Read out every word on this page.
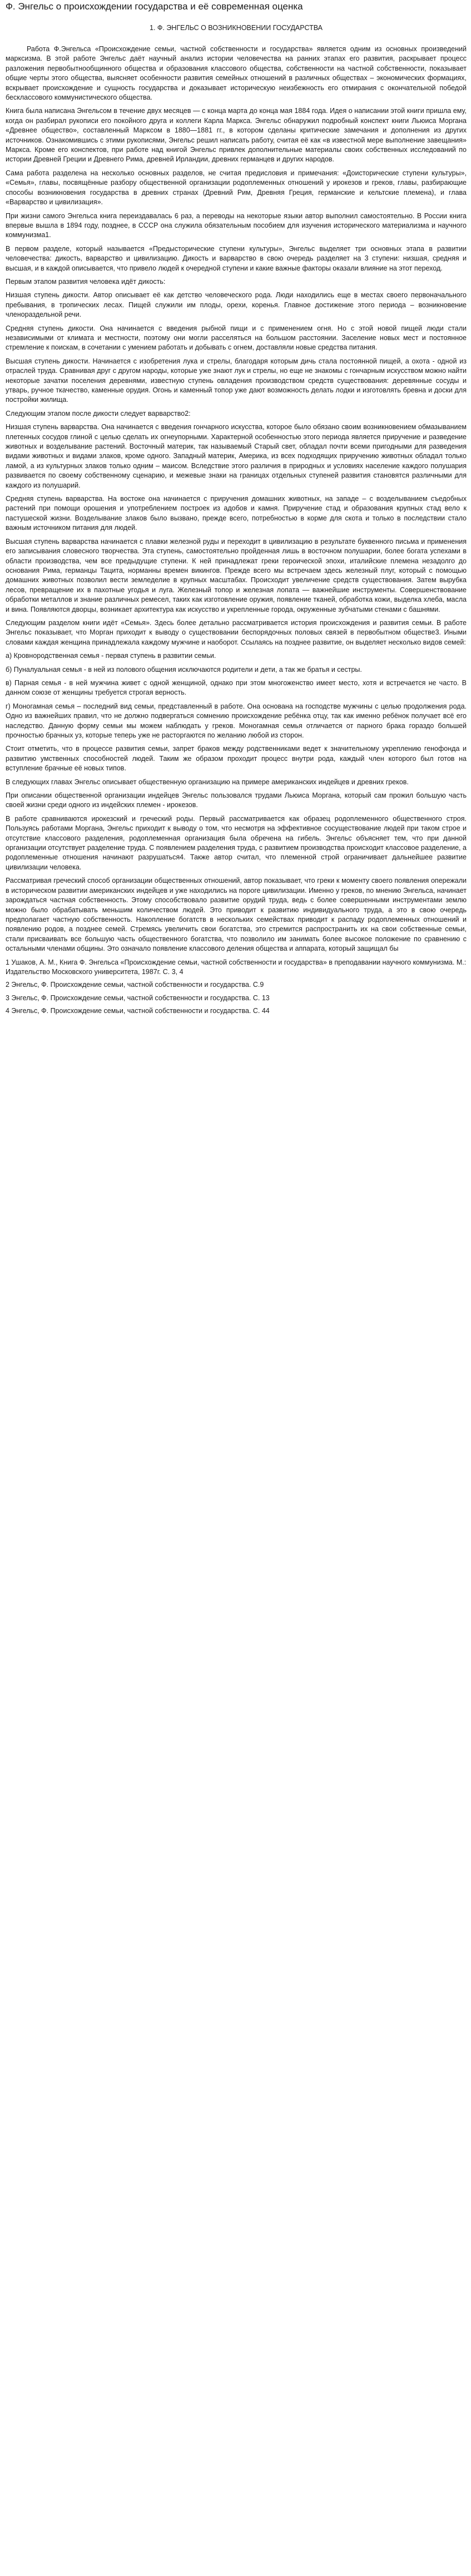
Ф. Энгельс о происхождении государства и её современная оценка
1. Ф. ЭНГЕЛЬС О ВОЗНИКНОВЕНИИ ГОСУДАРСТВА

Работа Ф.Энгельса «Происхождение семьи, частной собственности и государства» является одним из основных произведений марксизма. В этой работе Энгельс даёт научный анализ истории человечества на ранних этапах его развития, раскрывает процесс разложения первобытнообщинного общества и образования классового общества, собственности на частной собственности, показывает общие черты этого общества, выясняет особенности развития семейных отношений в различных обществах – экономических формациях, вскрывает происхождение и сущность государства и доказывает историческую неизбежность его отмирания с окончательной победой бесклассового коммунистического общества.

Книга была написана Энгельсом в течение двух месяцев — с конца марта до конца мая 1884 года. Идея о написании этой книги пришла ему, когда он разбирал рукописи его покойного друга и коллеги Карла Маркса. Энгельс обнаружил подробный конспект книги Льюиса Моргана «Древнее общество», составленный Марксом в 1880—1881 гг., в котором сделаны критические замечания и дополнения из других источников. Ознакомившись с этими рукописями, Энгельс решил написать работу, считая её как «в известной мере выполнение завещания» Маркса. Кроме его конспектов, при работе над книгой Энгельс привлек дополнительные материалы своих собственных исследований по истории Древней Греции и Древнего Рима, древней Ирландии, древних германцев и других народов.

Сама работа разделена на несколько основных разделов, не считая предисловия и примечания: «Доисторические ступени культуры», «Семья», главы, посвящённые разбору общественной организации родоплеменных отношений у ирокезов и греков, главы, разбирающие способы возникновения государства в древних странах (Древний Рим, Древняя Греция, германские и кельтские племена), и глава «Варварство и цивилизация».

При жизни самого Энгельса книга переиздавалась 6 раз, а переводы на некоторые языки автор выполнил самостоятельно. В России книга впервые вышла в 1894 году, позднее, в СССР она служила обязательным пособием для изучения исторического материализма и научного коммунизма1.

В первом разделе, который называется «Предысторические ступени культуры», Энгельс выделяет три основных этапа в развитии человечества: дикость, варварство и цивилизацию. Дикость и варварство в свою очередь разделяет на 3 ступени: низшая, средняя и высшая, и в каждой описывается, что привело людей к очередной ступени и какие важные факторы оказали влияние на этот переход.

Первым этапом развития человека идёт дикость:

Низшая ступень дикости. Автор описывает её как детство человеческого рода. Люди находились еще в местах своего первоначального пребывания, в тропических лесах. Пищей служили им плоды, орехи, коренья. Главное достижение этого периода – возникновение членораздельной речи.

Средняя ступень дикости. Она начинается с введения рыбной пищи и с применением огня. Но с этой новой пищей люди стали независимыми от климата и местности, поэтому они могли расселяться на большом расстоянии. Заселение новых мест и постоянное стремление к поискам, в сочетании с умением работать и добывать с огнем, доставляли новые средства питания.

Высшая ступень дикости. Начинается с изобретения лука и стрелы, благодаря которым дичь стала постоянной пищей, а охота - одной из отраслей труда. Сравнивая друг с другом народы, которые уже знают лук и стрелы, но еще не знакомы с гончарным искусством можно найти некоторые зачатки поселения деревнями, известную ступень овладения производством средств существования: деревянные сосуды и утварь, ручное ткачество, каменные орудия. Огонь и каменный топор уже дают возможность делать лодки и изготовлять бревна и доски для постройки жилища.

Следующим этапом после дикости следует варварство2:

Низшая ступень варварства. Она начинается с введения гончарного искусства, которое было обязано своим возникновением обмазыванием плетенных сосудов глиной с целью сделать их огнеупорными. Характерной особенностью этого периода является приручение и разведение животных и возделывание растений. Восточный материк, так называемый Старый свет, обладал почти всеми пригодными для разведения видами животных и видами злаков, кроме одного. Западный материк, Америка, из всех подходящих приручению животных обладал только ламой, а из культурных злаков только одним – маисом. Вследствие этого различия в природных и условиях население каждого полушария развивается по своему собственному сценарию, и межевые знаки на границах отдельных ступеней развития становятся различными для каждого из полушарий.

Средняя ступень варварства. На востоке она начинается с приручения домашних животных, на западе – с возделыванием съедобных растений при помощи орошения и употреблением построек из адобов и камня. Приручение стад и образования крупных стад вело к пастушеской жизни. Возделывание злаков было вызвано, прежде всего, потребностью в корме для скота и только в последствии стало важным источником питания для людей.

Высшая ступень варварства начинается с плавки железной руды и переходит в цивилизацию в результате буквенного письма и применения его записывания словесного творчества. Эта ступень, самостоятельно пройденная лишь в восточном полушарии, более богата успехами в области производства, чем все предыдущие ступени. К ней принадлежат греки героической эпохи, италийские племена незадолго до основания Рима, германцы Тацита, норманны времен викингов. Прежде всего мы встречаем здесь железный плуг, который с помощью домашних животных позволил вести земледелие в крупных масштабах. Происходит увеличение средств существования. Затем вырубка лесов, превращение их в пахотные угодья и луга. Железный топор и железная лопата — важнейшие инструменты. Совершенствование обработки металлов и знание различных ремесел, таких как изготовление оружия, появление тканей, обработка кожи, выделка хлеба, масла и вина. Появляются дворцы, возникает архитектура как искусство и укрепленные города, окруженные зубчатыми стенами с башнями.

Следующим разделом книги идёт «Семья». Здесь более детально рассматривается история происхождения и развития семьи. В работе Энгельс показывает, что Морган приходит к выводу о существовании беспорядочных половых связей в первобытном обществе3. Иными словами каждая женщина принадлежала каждому мужчине и наоборот. Ссылаясь на позднее развитие, он выделяет несколько видов семей:

а) Кровнородственная семья - первая ступень в развитии семьи.

б) Пуналуальная семья - в ней из полового общения исключаются родители и дети, а так же братья и сестры.

в) Парная семья - в ней мужчина живет с одной женщиной, однако при этом многоженство имеет место, хотя и встречается не часто. В данном союзе от женщины требуется строгая верность.

г) Моногамная семья – последний вид семьи, представленный в работе. Она основана на господстве мужчины с целью продолжения рода. Одно из важнейших правил, что не должно подвергаться сомнению происхождение ребёнка отцу, так как именно ребёнок получает всё его наследство. Данную форму семьи мы можем наблюдать у греков. Моногамная семья отличается от парного брака гораздо большей прочностью брачных уз, которые теперь уже не расторгаются по желанию любой из сторон.

Стоит отметить, что в процессе развития семьи, запрет браков между родственниками ведет к значительному укреплению генофонда и развитию умственных способностей людей. Таким же образом проходит процесс внутри рода, каждый член которого был готов на вступление брачные её новых типов.

В следующих главах Энгельс описывает общественную организацию на примере американских индейцев и древних греков.

При описании общественной организации индейцев Энгельс пользовался трудами Льюиса Моргана, который сам прожил большую часть своей жизни среди одного из индейских племен - ирокезов.

В работе сравниваются ирокезский и греческий роды. Первый рассматривается как образец родоплеменного общественного строя. Пользуясь работами Моргана, Энгельс приходит к выводу о том, что несмотря на эффективное сосуществование людей при таком строе и отсутствие классового разделения, родоплеменная организация была обречена на гибель. Энгельс объясняет тем, что при данной организации отсутствует разделение труда. С появлением разделения труда, с развитием производства происходит классовое разделение, а родоплеменные отношения начинают разрушаться4. Также автор считал, что племенной строй ограничивает дальнейшее развитие цивилизации человека.

Рассматривая греческий способ организации общественных отношений, автор показывает, что греки к моменту своего появления опережали в историческом развитии американских индейцев и уже находились на пороге цивилизации. Именно у греков, по мнению Энгельса, начинает зарождаться частная собственность. Этому способствовало развитие орудий труда, ведь с более совершенными инструментами землю можно было обрабатывать меньшим количеством людей. Это приводит к развитию индивидуального труда, а это в свою очередь предполагает частную собственность. Накопление богатств в нескольких семействах приводит к распаду родоплеменных отношений и появлению родов, а позднее семей. Стремясь увеличить свои богатства, это стремится распространить их на свои собственные семьи, стали присваивать все большую часть общественного богатства, что позволило им занимать более высокое положение по сравнению с остальными членами общины. Это означало появление классового деления общества и аппарата, который защищал бы

1 Ушаков, А. М., Книга Ф. Энгельса «Происхождение семьи, частной собственности и государства» в преподавании научного коммунизма. М.: Издательство Московского университета, 1987г. С. 3, 4

2 Энгельс, Ф. Происхождение семьи, частной собственности и государства. С.9

3 Энгельс, Ф. Происхождение семьи, частной собственности и государства. С. 13

4 Энгельс, Ф. Происхождение семьи, частной собственности и государства. С. 44
